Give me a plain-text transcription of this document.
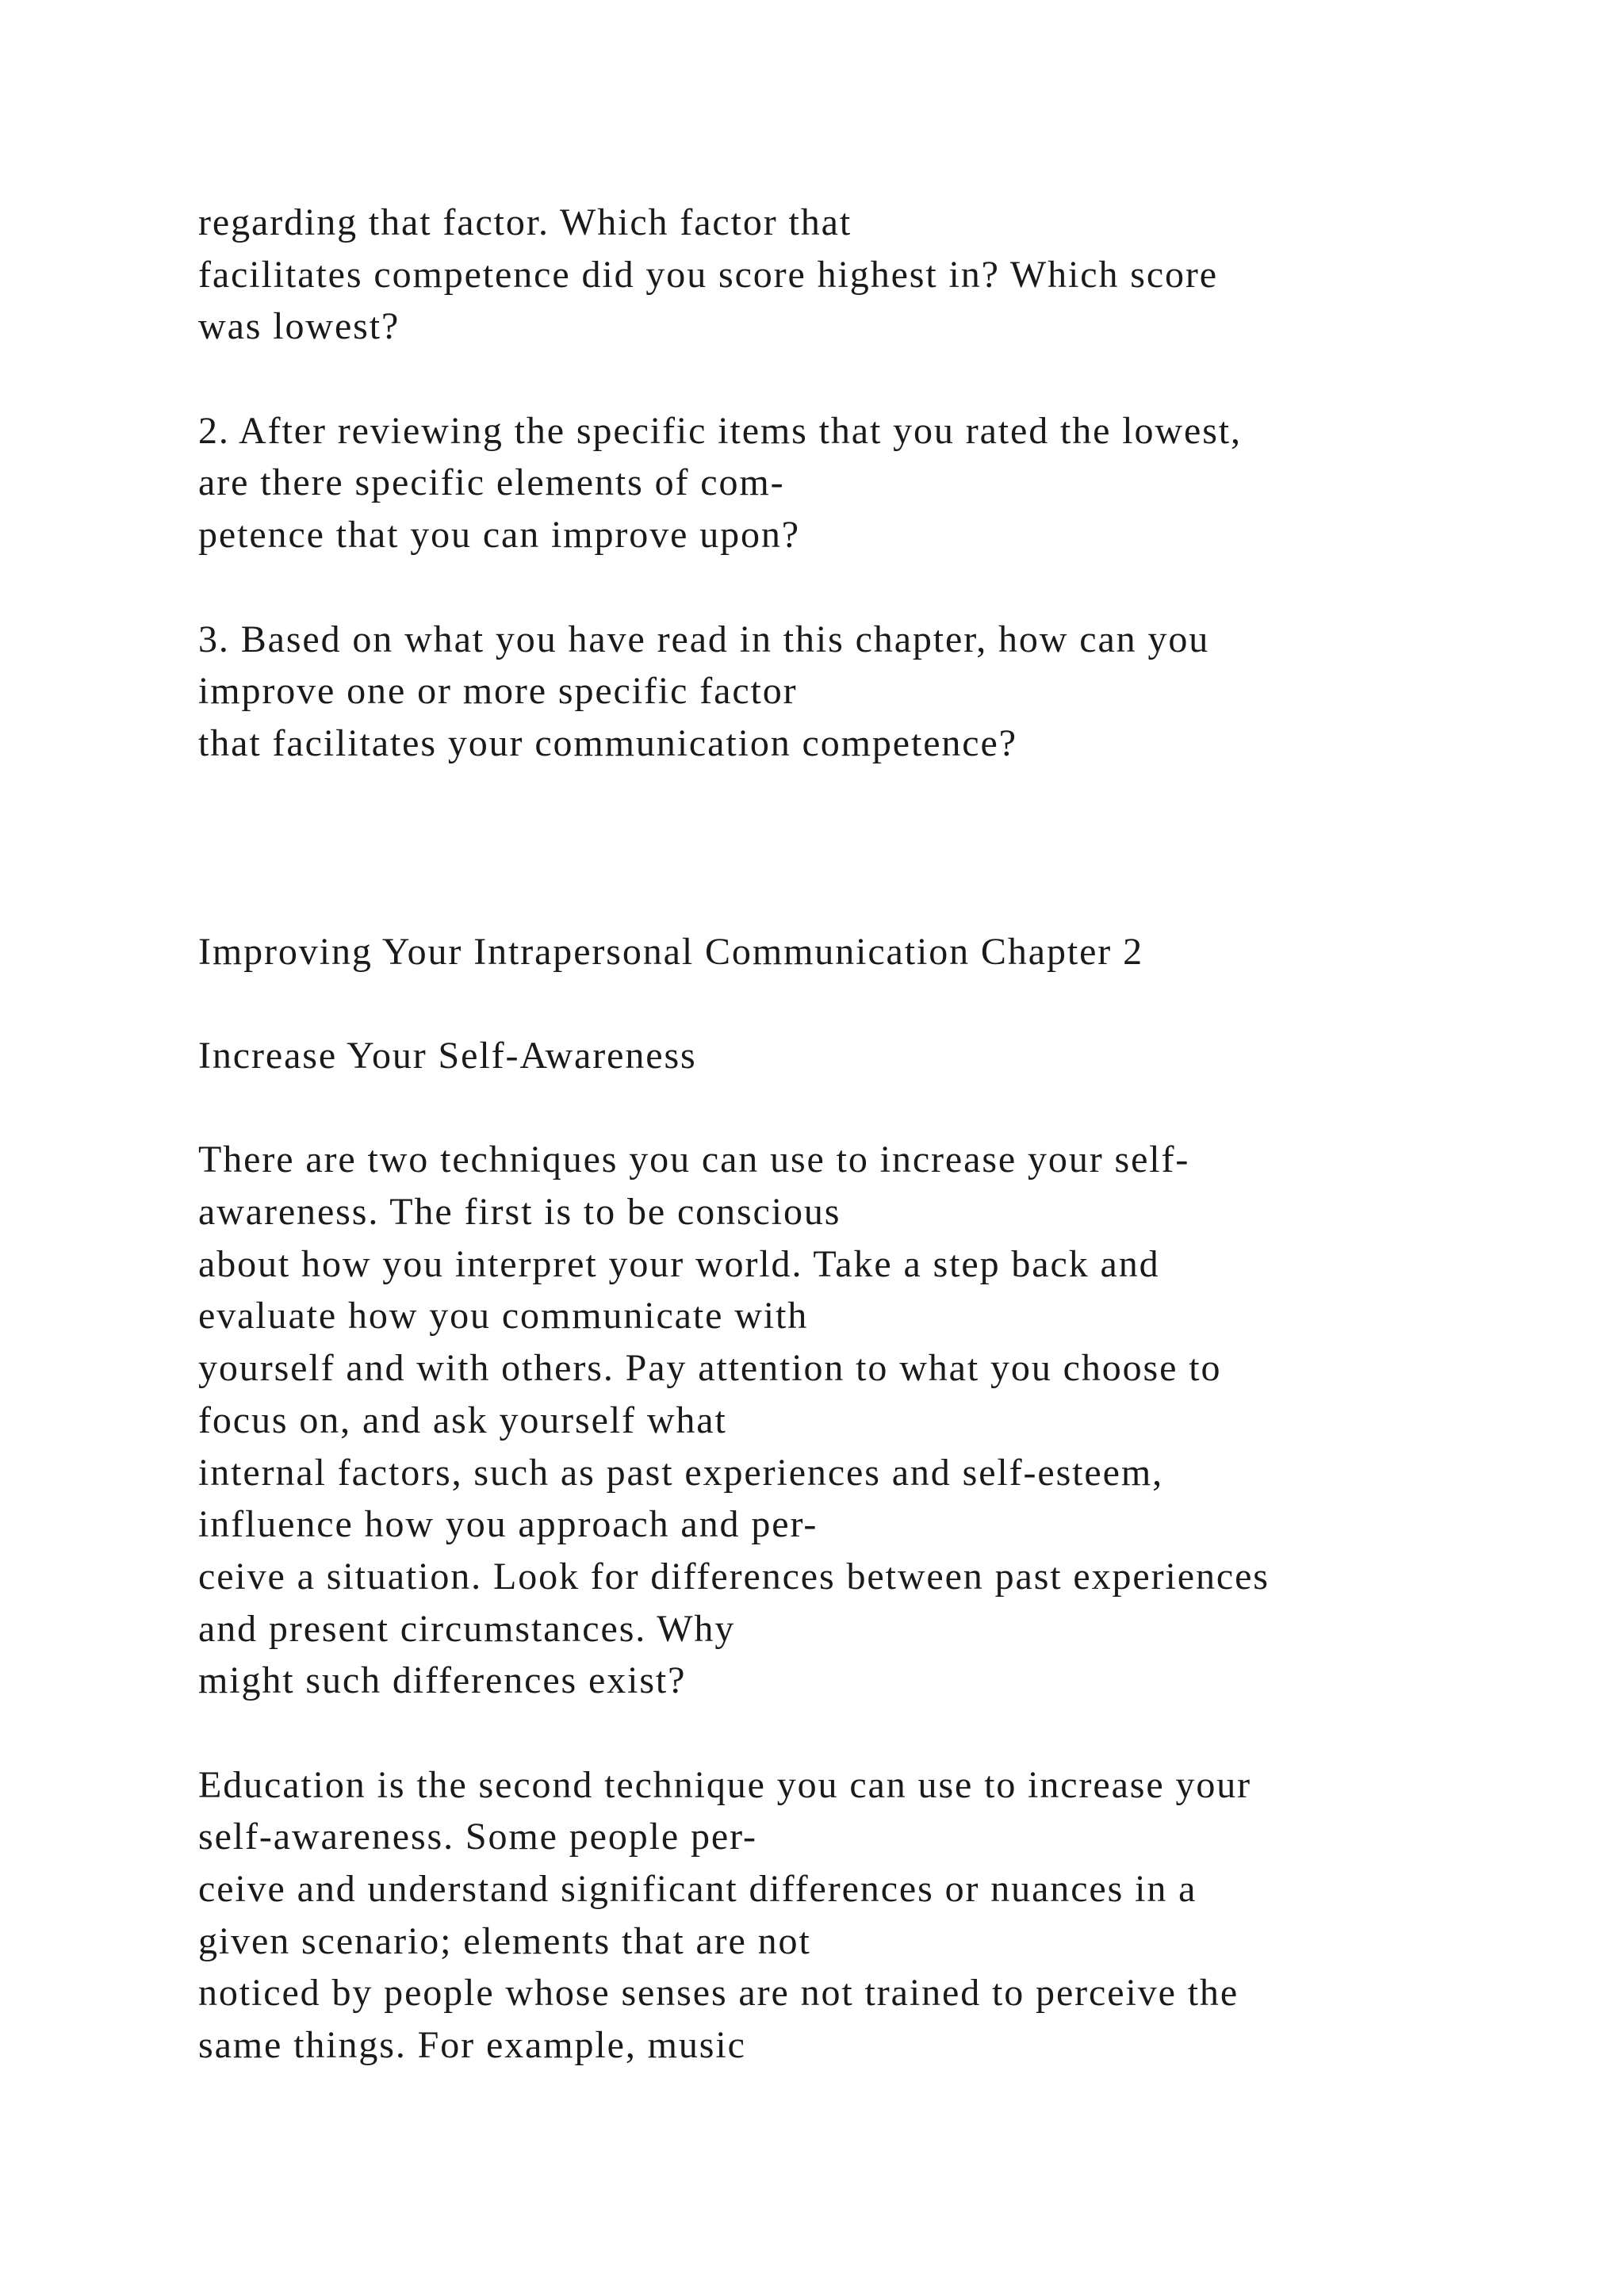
regarding that factor. Which factor that
facilitates competence did you score highest in? Which score
was lowest?
2. After reviewing the specific items that you rated the lowest,
are there specific elements of com-
petence that you can improve upon?
3. Based on what you have read in this chapter, how can you
improve one or more specific factor
that facilitates your communication competence?
Improving Your Intrapersonal Communication Chapter 2
Increase Your Self-Awareness
There are two techniques you can use to increase your self-
awareness. The first is to be conscious
about how you interpret your world. Take a step back and
evaluate how you communicate with
yourself and with others. Pay attention to what you choose to
focus on, and ask yourself what
internal factors, such as past experiences and self-esteem,
influence how you approach and per-
ceive a situation. Look for differences between past experiences
and present circumstances. Why
might such differences exist?
Education is the second technique you can use to increase your
self-awareness. Some people per-
ceive and understand significant differences or nuances in a
given scenario; elements that are not
noticed by people whose senses are not trained to perceive the
same things. For example, music
